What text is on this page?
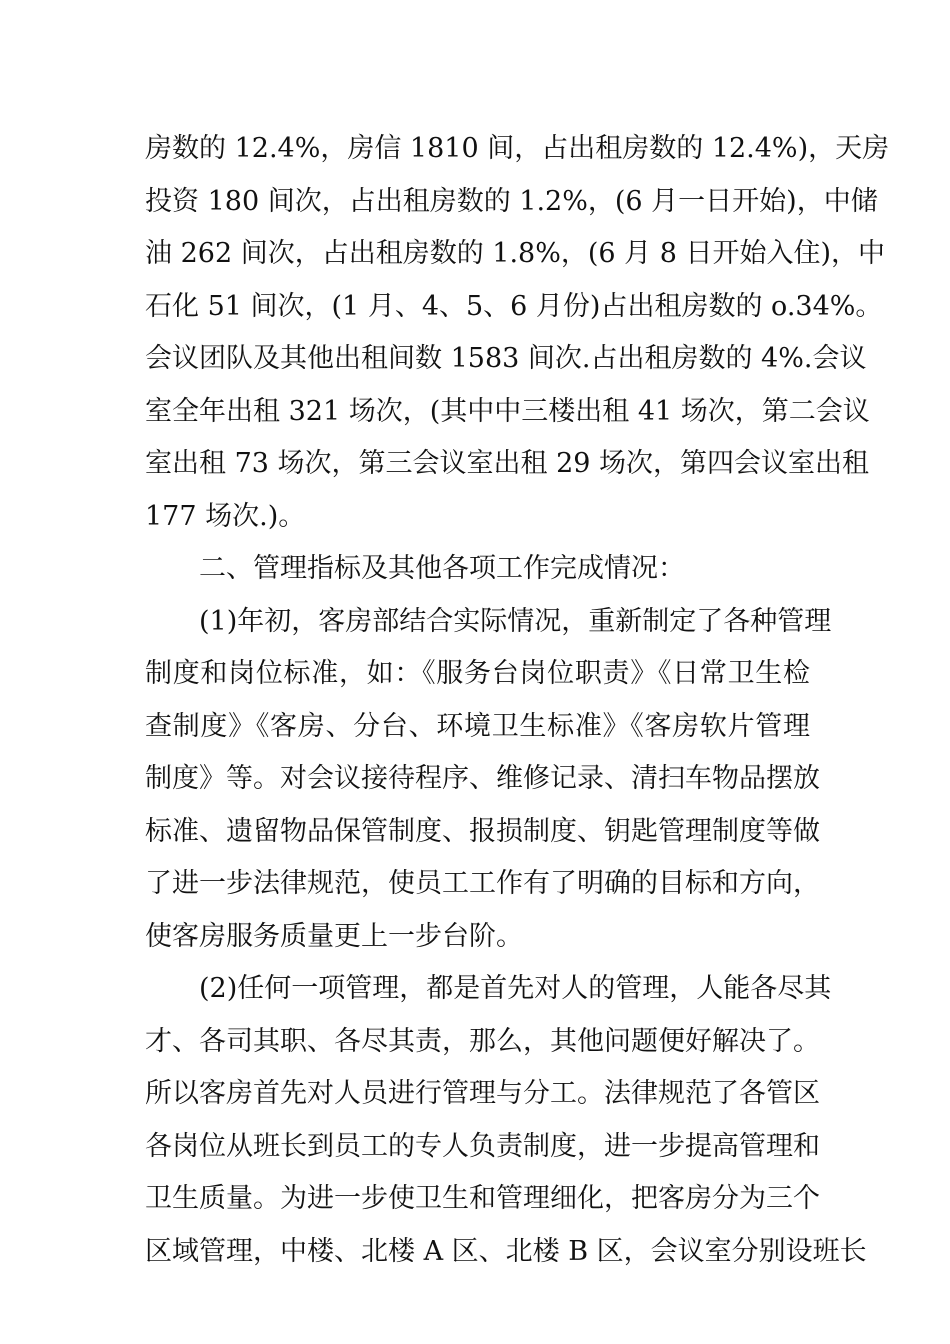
房数的 12.4%，房信 1810 间，占出租房数的 12.4%)，天房
投资 180 间次，占出租房数的 1.2%，(6 月一日开始)，中储
油 262 间次，占出租房数的 1.8%，(6 月 8 日开始入住)，中
石化 51 间次，(1 月、4、5、6 月份)占出租房数的 o.34%。
会议团队及其他出租间数 1583 间次.占出租房数的 4%.会议
室全年出租 321 场次，(其中中三楼出租 41 场次，第二会议
室出租 73 场次，第三会议室出租 29 场次，第四会议室出租
177 场次.)。
二、管理指标及其他各项工作完成情况：
(1)年初，客房部结合实际情况，重新制定了各种管理
制度和岗位标准，如：《服务台岗位职责》《日常卫生检
查制度》《客房、分台、环境卫生标准》《客房软片管理
制度》等。对会议接待程序、维修记录、清扫车物品摆放
标准、遗留物品保管制度、报损制度、钥匙管理制度等做
了进一步法律规范，使员工工作有了明确的目标和方向，
使客房服务质量更上一步台阶。
(2)任何一项管理，都是首先对人的管理，人能各尽其
才、各司其职、各尽其责，那么，其他问题便好解决了。
所以客房首先对人员进行管理与分工。法律规范了各管区
各岗位从班长到员工的专人负责制度，进一步提高管理和
卫生质量。为进一步使卫生和管理细化，把客房分为三个
区域管理，中楼、北楼 A 区、北楼 B 区，会议室分别设班长
